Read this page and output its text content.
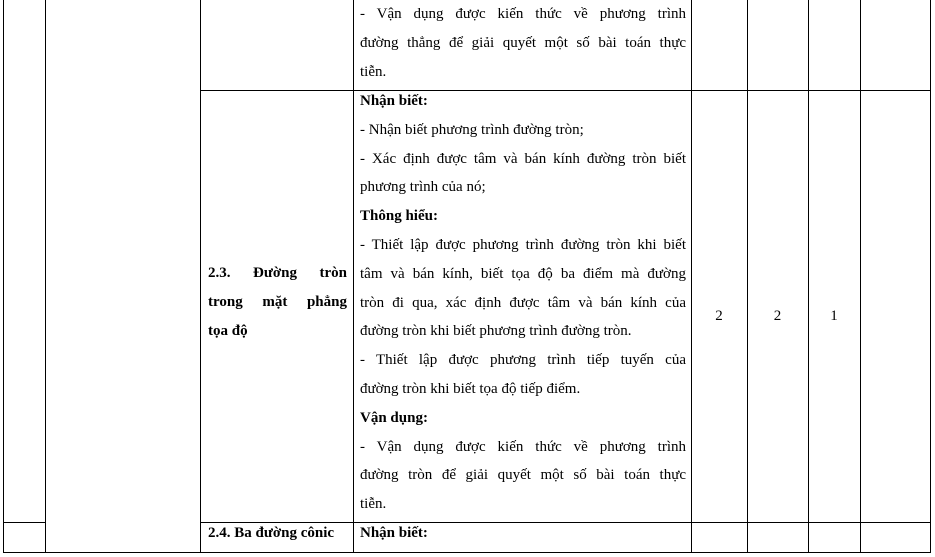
- Vận dụng được kiến thức về phương trình
đường thẳng để giải quyết một số bài toán thực
tiễn.
2.3. Đường tròn
trong mặt phẳng
tọa độ
Nhận biết:
- Nhận biết phương trình đường tròn;
- Xác định được tâm và bán kính đường tròn biết
phương trình của nó;
Thông hiểu:
- Thiết lập được phương trình đường tròn khi biết
tâm và bán kính, biết tọa độ ba điểm mà đường
tròn đi qua, xác định được tâm và bán kính của
đường tròn khi biết phương trình đường tròn.
- Thiết lập được phương trình tiếp tuyến của
đường tròn khi biết tọa độ tiếp điểm.
Vận dụng:
- Vận dụng được kiến thức về phương trình
đường tròn để giải quyết một số bài toán thực
tiễn.
2	2	1
2.4. Ba đường cônic Nhận biết:
